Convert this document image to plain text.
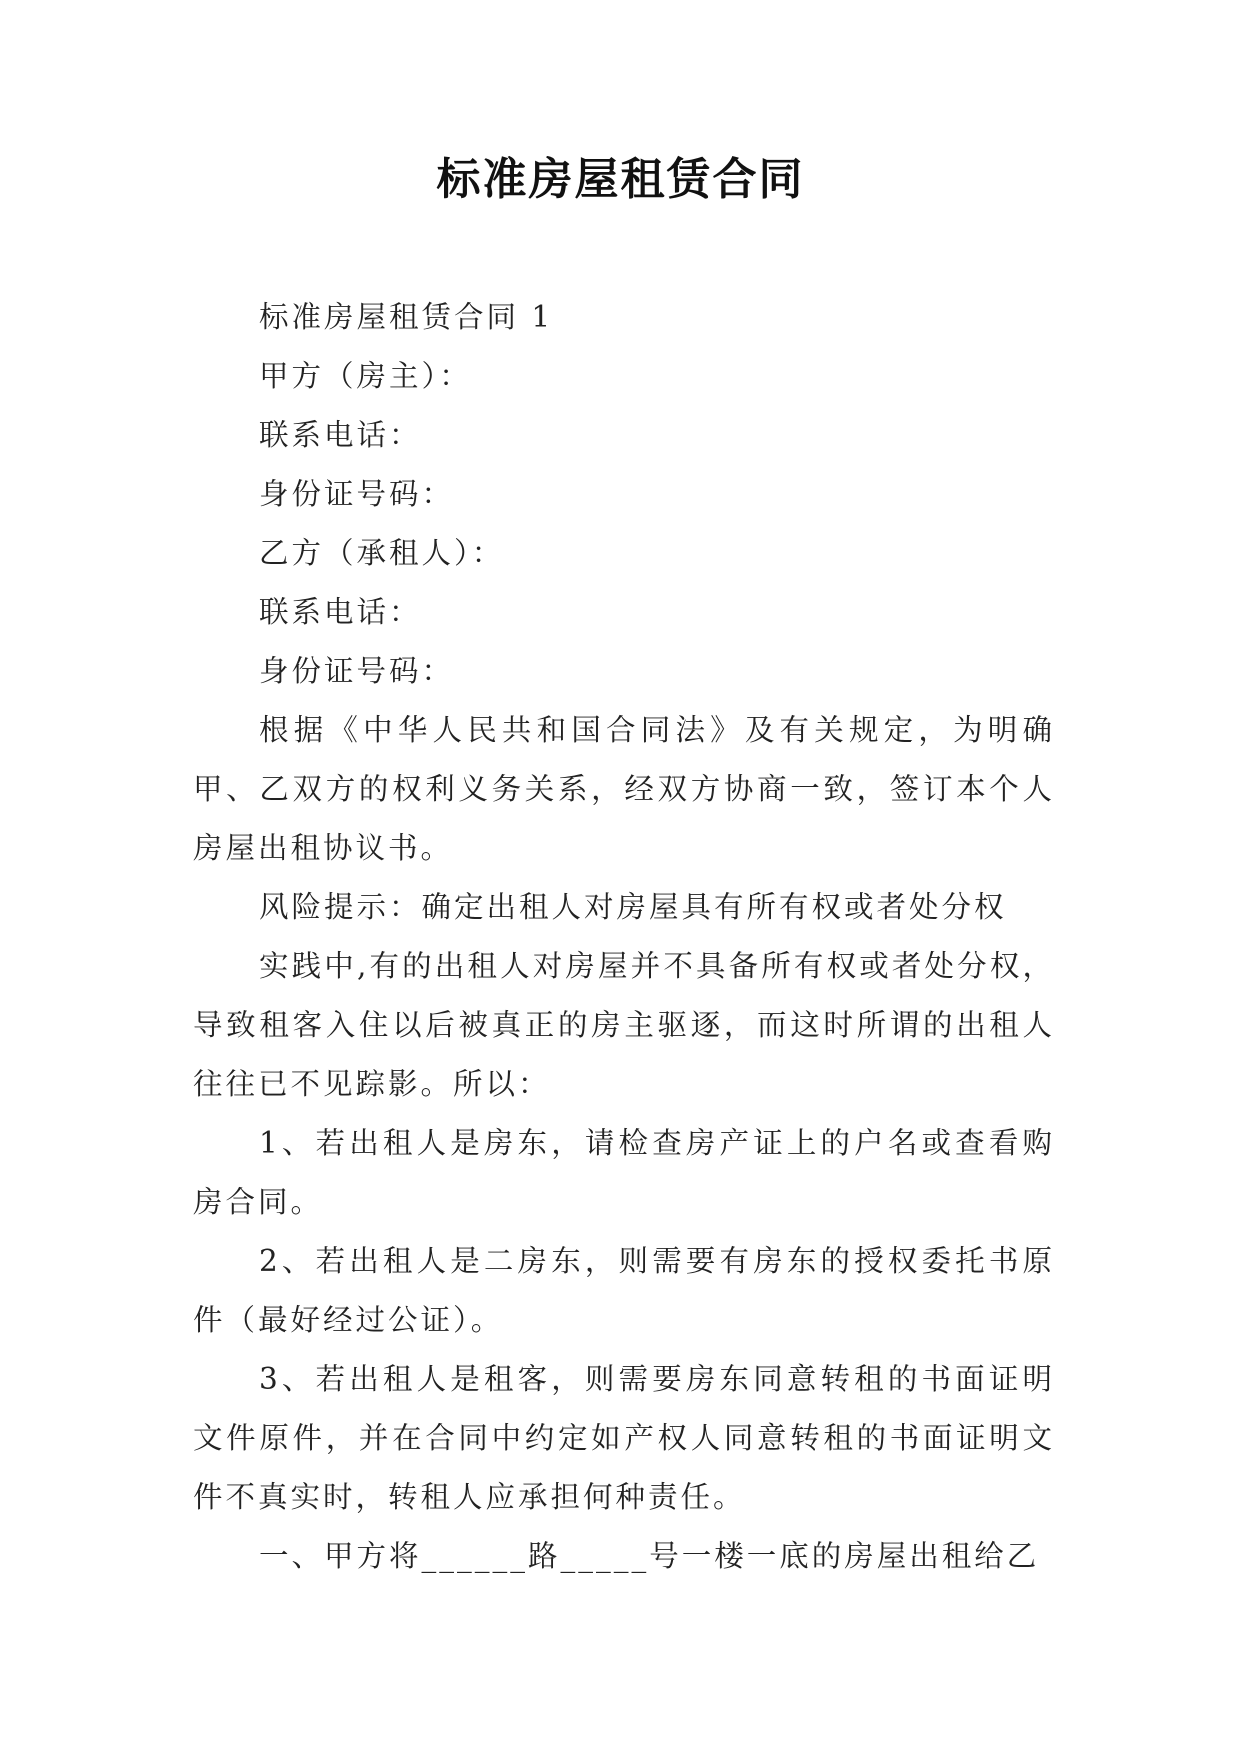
标准房屋租赁合同

标准房屋租赁合同 1

甲方（房主）：

联系电话：

身份证号码：

乙方（承租人）：

联系电话：

身份证号码：

根据《中华人民共和国合同法》及有关规定，为明确甲、乙双方的权利义务关系，经双方协商一致，签订本个人房屋出租协议书。

风险提示：确定出租人对房屋具有所有权或者处分权

实践中,有的出租人对房屋并不具备所有权或者处分权，导致租客入住以后被真正的房主驱逐，而这时所谓的出租人往往已不见踪影。所以：

1、若出租人是房东，请检查房产证上的户名或查看购房合同。

2、若出租人是二房东，则需要有房东的授权委托书原件（最好经过公证）。

3、若出租人是租客，则需要房东同意转租的书面证明文件原件，并在合同中约定如产权人同意转租的书面证明文件不真实时，转租人应承担何种责任。

一、甲方将______路_____号一楼一底的房屋出租给乙
